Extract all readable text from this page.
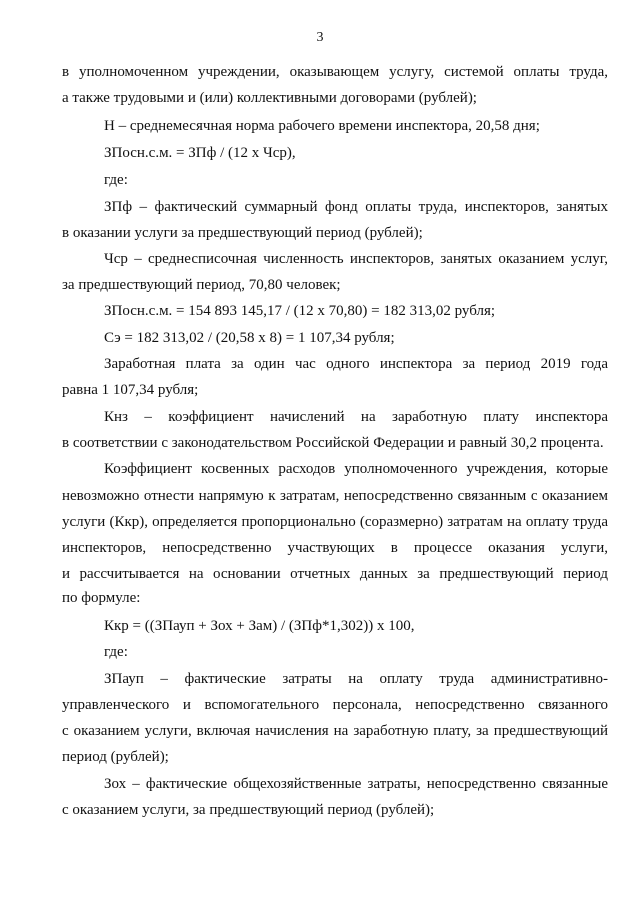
3
в уполномоченном учреждении, оказывающем услугу, системой оплаты труда,
а также трудовыми и (или) коллективными договорами (рублей);
Н – среднемесячная норма рабочего времени инспектора, 20,58 дня;
ЗПосн.с.м. = ЗПф / (12 х Чср),
где:
ЗПф – фактический суммарный фонд оплаты труда, инспекторов, занятых
в оказании услуги за предшествующий период (рублей);
Чср – среднесписочная численность инспекторов, занятых оказанием услуг,
за предшествующий период, 70,80 человек;
ЗПосн.с.м. = 154 893 145,17 / (12 х 70,80) = 182 313,02 рубля;
Сэ = 182 313,02 / (20,58 х 8) = 1 107,34 рубля;
Заработная плата за один час одного инспектора за период 2019 года
равна 1 107,34 рубля;
Кнз – коэффициент начислений на заработную плату инспектора
в соответствии с законодательством Российской Федерации и равный 30,2 процента.
Коэффициент косвенных расходов уполномоченного учреждения, которые
невозможно отнести напрямую к затратам, непосредственно связанным с оказанием
услуги (Ккр), определяется пропорционально (соразмерно) затратам на оплату труда
инспекторов, непосредственно участвующих в процессе оказания услуги,
и рассчитывается на основании отчетных данных за предшествующий период
по формуле:
Ккр = ((ЗПауп + Зох + Зам) / (ЗПф*1,302)) х 100,
где:
ЗПауп – фактические затраты на оплату труда административно-
управленческого и вспомогательного персонала, непосредственно связанного
с оказанием услуги, включая начисления на заработную плату, за предшествующий
период (рублей);
Зох – фактические общехозяйственные затраты, непосредственно связанные
с оказанием услуги, за предшествующий период (рублей);
